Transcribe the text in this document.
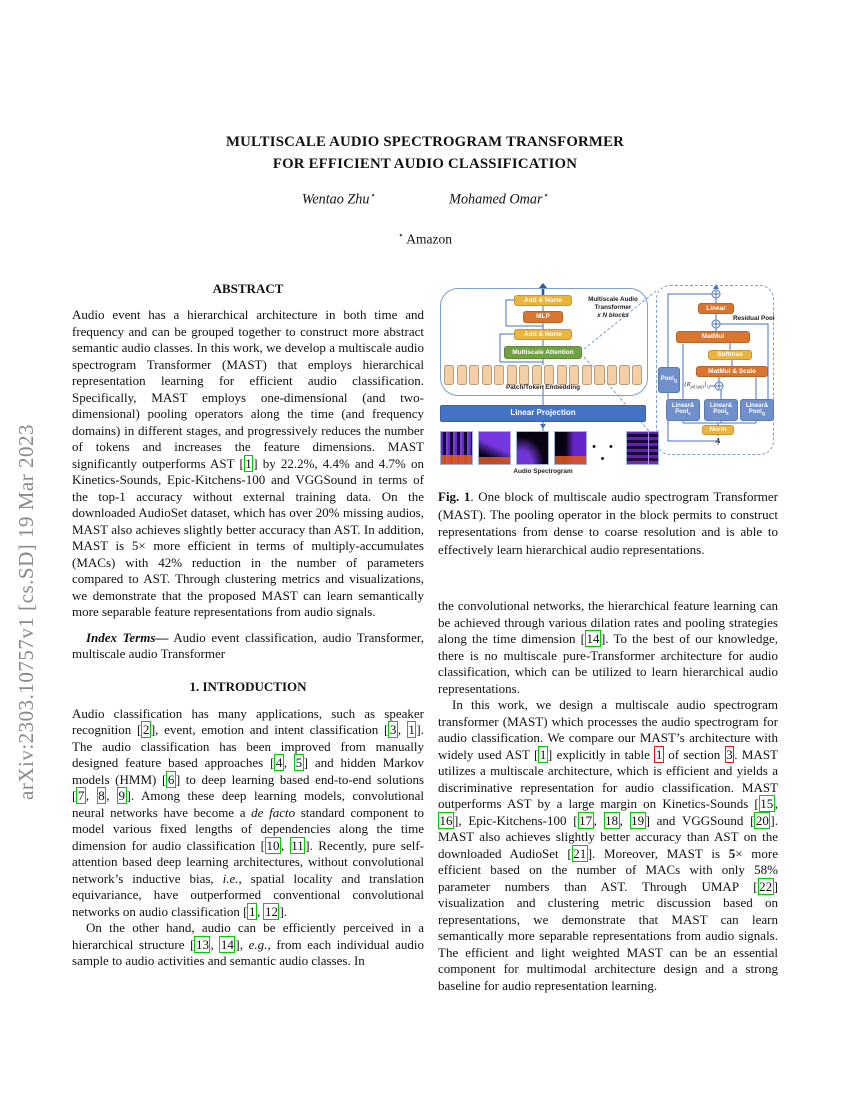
arXiv:2303.10757v1 [cs.SD] 19 Mar 2023
MULTISCALE AUDIO SPECTROGRAM TRANSFORMER
FOR EFFICIENT AUDIO CLASSIFICATION
Wentao Zhu⋆	Mohamed Omar⋆
⋆ Amazon
ABSTRACT

Audio event has a hierarchical architecture in both time and frequency and can be grouped together to construct more abstract semantic audio classes. In this work, we develop a multiscale audio spectrogram Transformer (MAST) that employs hierarchical representation learning for efficient audio classification. Specifically, MAST employs one-dimensional (and two-dimensional) pooling operators along the time (and frequency domains) in different stages, and progressively reduces the number of tokens and increases the feature dimensions. MAST significantly outperforms AST [ 1 ] by 22.2%, 4.4% and 4.7% on Kinetics-Sounds, Epic-Kitchens-100 and VGGSound in terms of the top-1 accuracy without external training data. On the downloaded AudioSet dataset, which has over 20% missing audios, MAST also achieves slightly better accuracy than AST. In addition, MAST is 5× more efficient in terms of multiply-accumulates (MACs) with 42% reduction in the number of parameters compared to AST. Through clustering metrics and visualizations, we demonstrate that the proposed MAST can learn semantically more separable feature representations from audio signals.

Index Terms— Audio event classification, audio Transformer, multiscale audio Transformer

1. INTRODUCTION

Audio classification has many applications, such as speaker recognition [ 2 ], event, emotion and intent classification [ 3 , 1 ]. The audio classification has been improved from manually designed feature based approaches [ 4 , 5 ] and hidden Markov models (HMM) [ 6 ] to deep learning based end-to-end solutions [ 7 , 8 , 9 ]. Among these deep learning models, convolutional neural networks have become a de facto standard component to model various fixed lengths of dependencies along the time dimension for audio classification [ 10 , 11 ]. Recently, pure self-attention based deep learning architectures, without convolutional network’s inductive bias, i.e., spatial locality and translation equivariance, have outperformed conventional convolutional networks on audio classification [ 1 , 12 ].

On the other hand, audio can be efficiently perceived in a hierarchical structure [ 13 , 14 ], e.g., from each individual audio sample to audio activities and semantic audio classes. In

Add & Norm
MLP
Add & Norm
Multiscale Attention
Multiscale Audio Transformer
x N blocks
Patch/Token Embedding
Linear Projection
• • •
Audio Spectrogram
Linear
Residual Pool
MatMul
Softmax
MatMul & Scale
$\{R_{p(i),p(j)}\}_{i,j}$
Pool$_Q$
Linear&
Pool$_v$
Linear&
Pool$_k$
Linear&
Pool$_Q$
Norm
A

Fig. 1. One block of multiscale audio spectrogram Transformer (MAST). The pooling operator in the block permits to construct representations from dense to coarse resolution and is able to effectively learn hierarchical audio representations.

the convolutional networks, the hierarchical feature learning can be achieved through various dilation rates and pooling strategies along the time dimension [ 14 ]. To the best of our knowledge, there is no multiscale pure-Transformer architecture for audio classification, which can be utilized to learn hierarchical audio representations.

In this work, we design a multiscale audio spectrogram transformer (MAST) which processes the audio spectrogram for audio classification. We compare our MAST’s architecture with widely used AST [ 1 ] explicitly in table 1 of section 3 . MAST utilizes a multiscale architecture, which is efficient and yields a discriminative representation for audio classification. MAST outperforms AST by a large margin on Kinetics-Sounds [ 15 , 16 ], Epic-Kitchens-100 [ 17 , 18 , 19 ] and VGGSound [ 20 ]. MAST also achieves slightly better accuracy than AST on the downloaded AudioSet [ 21 ]. Moreover, MAST is 5× more efficient based on the number of MACs with only 58% parameter numbers than AST. Through UMAP [ 22 ] visualization and clustering metric discussion based on representations, we demonstrate that MAST can learn semantically more separable representations from audio signals. The efficient and light weighted MAST can be an essential component for multimodal architecture design and a strong baseline for audio representation learning.
